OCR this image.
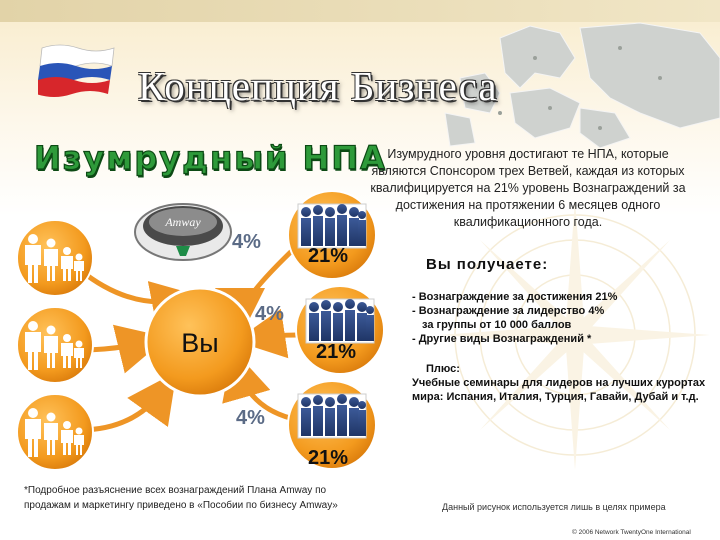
Концепция Бизнеса
Изумрудный НПА Изумрудного уровня достигают те НПА, которые являются Спонсором трех Ветвей, каждая из которых квалифицируется на 21% уровень Вознаграждений за достижения на протяжении 6 месяцев одного квалификационного года.
Вы получаете:
- Вознаграждение за достижения 21%
- Вознаграждение за лидерство 4%
за группы от 10 000 баллов
- Другие виды Вознаграждений *
Плюс:
Учебные семинары для лидеров на лучших курортах мира: Испания, Италия, Турция, Гавайи, Дубай и т.д.
Вы
Amway
4%
4%
4%
21%
21%
21%
*Подробное разъяснение всех вознаграждений Плана Amway по продажам и маркетингу приведено в «Пособии по бизнесу Amway»	Данный рисунок используется лишь в целях примера
© 2006 Network TwentyOne International
